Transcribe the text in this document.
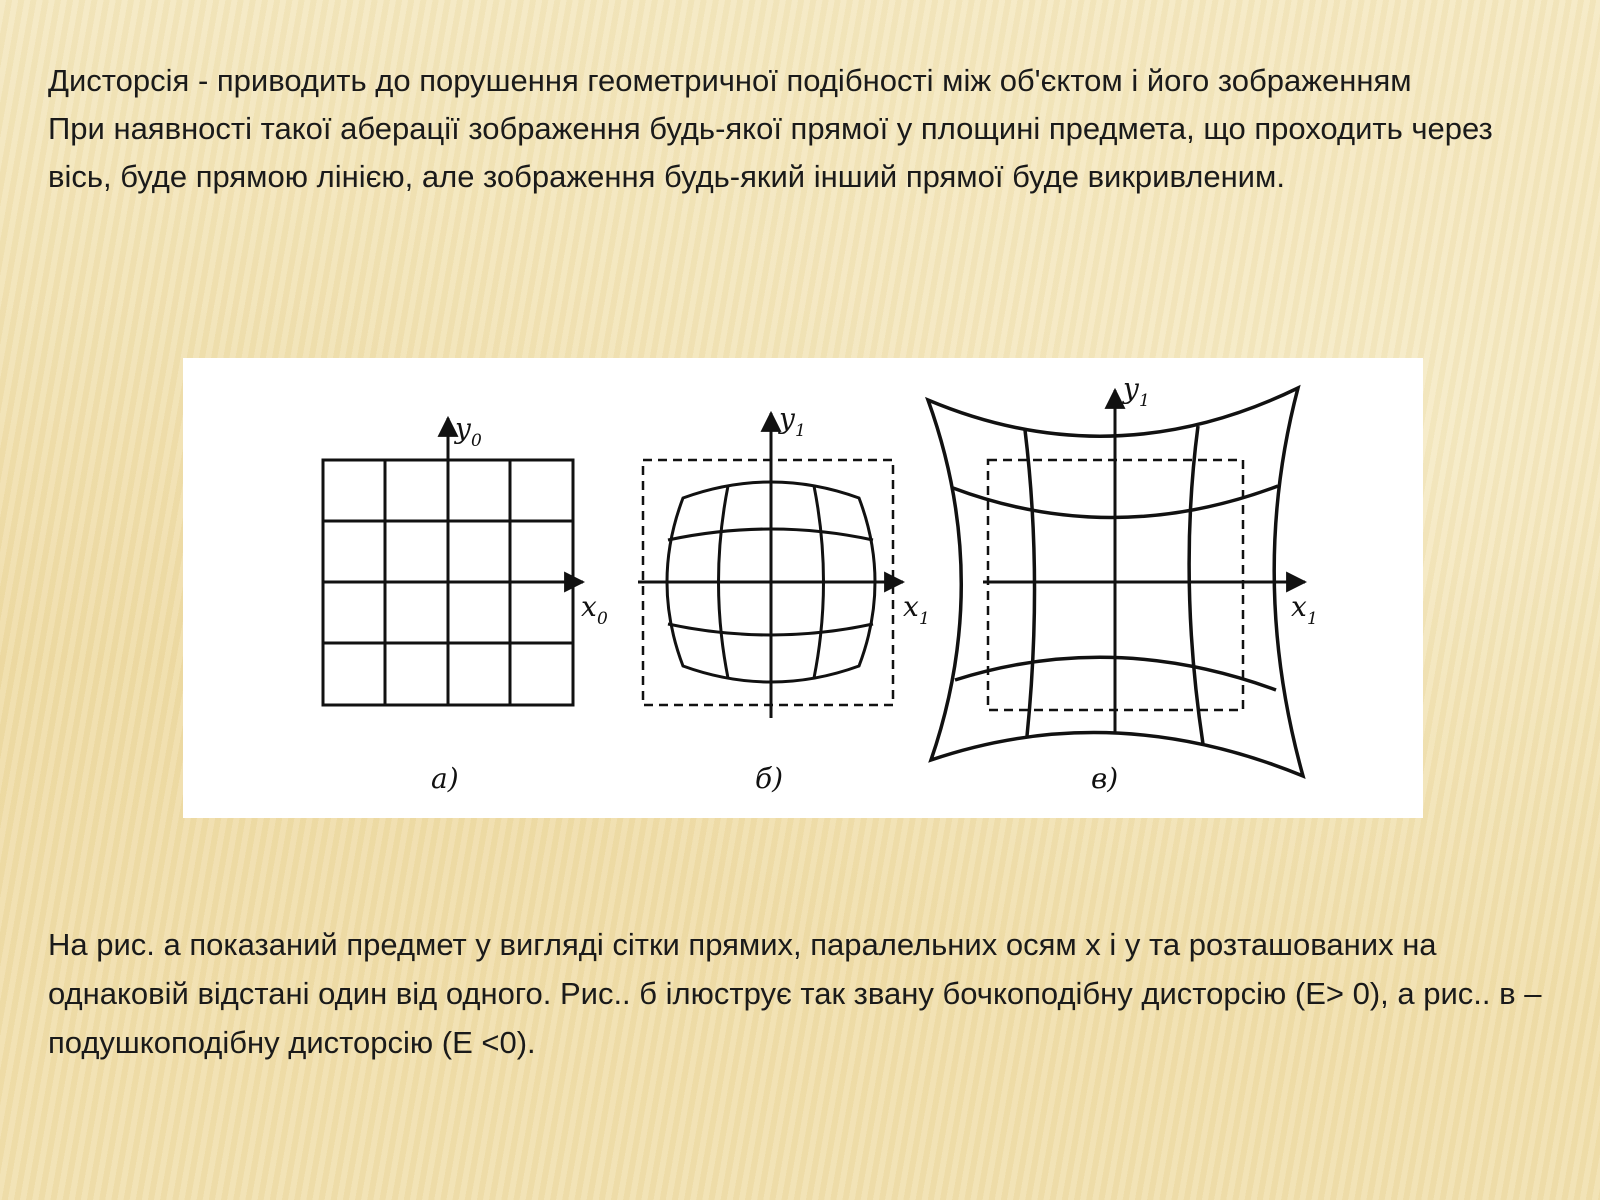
Дисторсія - приводить до порушення геометричної подібності між об'єктом і його зображенням
При наявності такої аберації зображення будь-якої прямої у площині предмета, що проходить через вісь, буде прямою лінією, але зображення будь-який інший прямої буде викривленим.

y 0
x 0
а)
y 1
x 1
б)
y 1
x 1
в)

На рис. а показаний предмет у вигляді сітки прямих, паралельних осям х і у та розташованих на однаковій відстані один від одного. Рис.. б ілюструє так звану бочкоподібну дисторсію (Е> 0), а рис.. в – подушкоподібну дисторсію (Е <0).
